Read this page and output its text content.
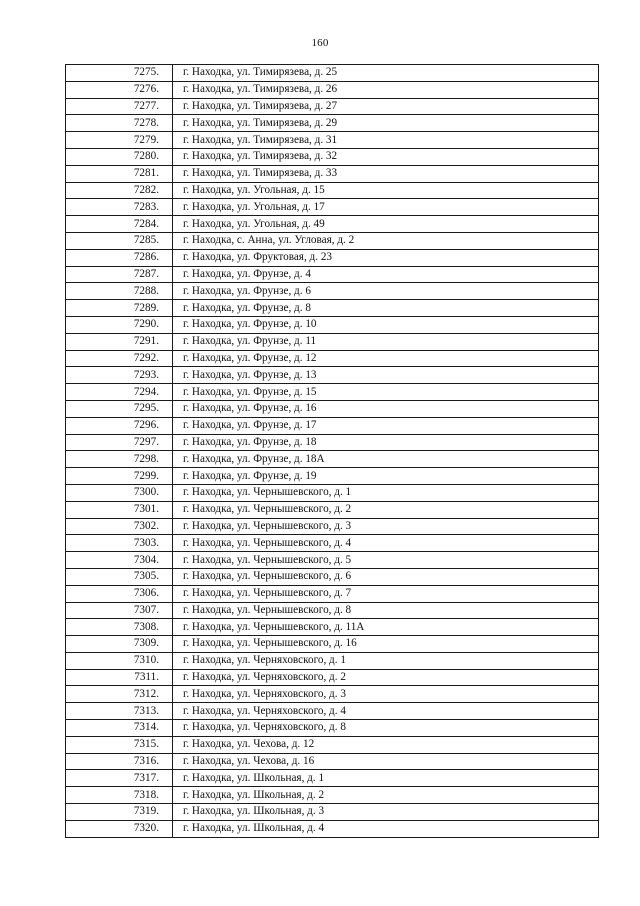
160
7275.	г. Находка, ул. Тимирязева, д. 25
7276.	г. Находка, ул. Тимирязева, д. 26
7277.	г. Находка, ул. Тимирязева, д. 27
7278.	г. Находка, ул. Тимирязева, д. 29
7279.	г. Находка, ул. Тимирязева, д. 31
7280.	г. Находка, ул. Тимирязева, д. 32
7281.	г. Находка, ул. Тимирязева, д. 33
7282.	г. Находка, ул. Угольная, д. 15
7283.	г. Находка, ул. Угольная, д. 17
7284.	г. Находка, ул. Угольная, д. 49
7285.	г. Находка, с. Анна, ул. Угловая, д. 2
7286.	г. Находка, ул. Фруктовая, д. 23
7287.	г. Находка, ул. Фрунзе, д. 4
7288.	г. Находка, ул. Фрунзе, д. 6
7289.	г. Находка, ул. Фрунзе, д. 8
7290.	г. Находка, ул. Фрунзе, д. 10
7291.	г. Находка, ул. Фрунзе, д. 11
7292.	г. Находка, ул. Фрунзе, д. 12
7293.	г. Находка, ул. Фрунзе, д. 13
7294.	г. Находка, ул. Фрунзе, д. 15
7295.	г. Находка, ул. Фрунзе, д. 16
7296.	г. Находка, ул. Фрунзе, д. 17
7297.	г. Находка, ул. Фрунзе, д. 18
7298.	г. Находка, ул. Фрунзе, д. 18А
7299.	г. Находка, ул. Фрунзе, д. 19
7300.	г. Находка, ул. Чернышевского, д. 1
7301.	г. Находка, ул. Чернышевского, д. 2
7302.	г. Находка, ул. Чернышевского, д. 3
7303.	г. Находка, ул. Чернышевского, д. 4
7304.	г. Находка, ул. Чернышевского, д. 5
7305.	г. Находка, ул. Чернышевского, д. 6
7306.	г. Находка, ул. Чернышевского, д. 7
7307.	г. Находка, ул. Чернышевского, д. 8
7308.	г. Находка, ул. Чернышевского, д. 11А
7309.	г. Находка, ул. Чернышевского, д. 16
7310.	г. Находка, ул. Черняховского, д. 1
7311.	г. Находка, ул. Черняховского, д. 2
7312.	г. Находка, ул. Черняховского, д. 3
7313.	г. Находка, ул. Черняховского, д. 4
7314.	г. Находка, ул. Черняховского, д. 8
7315.	г. Находка, ул. Чехова, д. 12
7316.	г. Находка, ул. Чехова, д. 16
7317.	г. Находка, ул. Школьная, д. 1
7318.	г. Находка, ул. Школьная, д. 2
7319.	г. Находка, ул. Школьная, д. 3
7320.	г. Находка, ул. Школьная, д. 4
